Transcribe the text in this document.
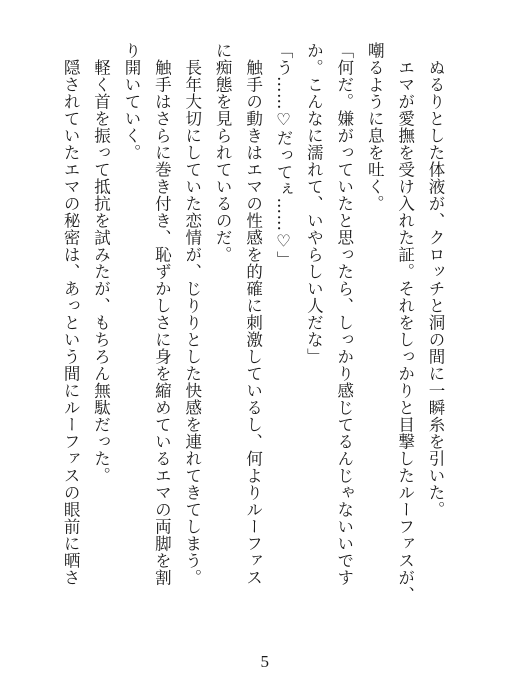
　ぬるりとした体液が、クロッチと洞の間に一瞬糸を引いた。
　エマが愛撫を受け入れた証。それをしっかりと目撃したルーファスが、
嘲るように息を吐く。
「何だ。嫌がっていたと思ったら、しっかり感じてるんじゃないいです
か。こんなに濡れて、いやらしい人だな」
「う……♡だってぇ……♡」
　触手の動きはエマの性感を的確に刺激しているし、何よりルーファス
に痴態を見られているのだ。
　長年大切にしていた恋情が、じりりとした快感を連れてきてしまう。
　触手はさらに巻き付き、恥ずかしさに身を縮めているエマの両脚を割
り開いていく。
　軽く首を振って抵抗を試みたが、もちろん無駄だった。
　隠されていたエマの秘密は、あっという間にルーファスの眼前に晒さ
5
